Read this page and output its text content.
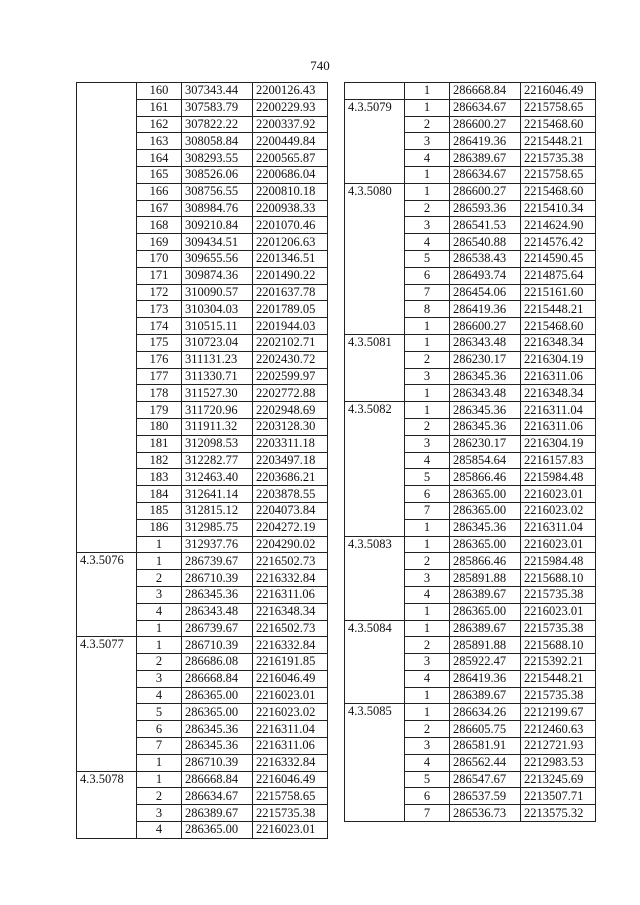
740
	160	307343.44	2200126.43
	161	307583.79	2200229.93
	162	307822.22	2200337.92
	163	308058.84	2200449.84
	164	308293.55	2200565.87
	165	308526.06	2200686.04
	166	308756.55	2200810.18
	167	308984.76	2200938.33
	168	309210.84	2201070.46
	169	309434.51	2201206.63
	170	309655.56	2201346.51
	171	309874.36	2201490.22
	172	310090.57	2201637.78
	173	310304.03	2201789.05
	174	310515.11	2201944.03
	175	310723.04	2202102.71
	176	311131.23	2202430.72
	177	311330.71	2202599.97
	178	311527.30	2202772.88
	179	311720.96	2202948.69
	180	311911.32	2203128.30
	181	312098.53	2203311.18
	182	312282.77	2203497.18
	183	312463.40	2203686.21
	184	312641.14	2203878.55
	185	312815.12	2204073.84
	186	312985.75	2204272.19
	1	312937.76	2204290.02
4.3.5076	1	286739.67	2216502.73
	2	286710.39	2216332.84
	3	286345.36	2216311.06
	4	286343.48	2216348.34
	1	286739.67	2216502.73
4.3.5077	1	286710.39	2216332.84
	2	286686.08	2216191.85
	3	286668.84	2216046.49
	4	286365.00	2216023.01
	5	286365.00	2216023.02
	6	286345.36	2216311.04
	7	286345.36	2216311.06
	1	286710.39	2216332.84
4.3.5078	1	286668.84	2216046.49
	2	286634.67	2215758.65
	3	286389.67	2215735.38
	4	286365.00	2216023.01
	1	286668.84	2216046.49
4.3.5079	1	286634.67	2215758.65
	2	286600.27	2215468.60
	3	286419.36	2215448.21
	4	286389.67	2215735.38
	1	286634.67	2215758.65
4.3.5080	1	286600.27	2215468.60
	2	286593.36	2215410.34
	3	286541.53	2214624.90
	4	286540.88	2214576.42
	5	286538.43	2214590.45
	6	286493.74	2214875.64
	7	286454.06	2215161.60
	8	286419.36	2215448.21
	1	286600.27	2215468.60
4.3.5081	1	286343.48	2216348.34
	2	286230.17	2216304.19
	3	286345.36	2216311.06
	1	286343.48	2216348.34
4.3.5082	1	286345.36	2216311.04
	2	286345.36	2216311.06
	3	286230.17	2216304.19
	4	285854.64	2216157.83
	5	285866.46	2215984.48
	6	286365.00	2216023.01
	7	286365.00	2216023.02
	1	286345.36	2216311.04
4.3.5083	1	286365.00	2216023.01
	2	285866.46	2215984.48
	3	285891.88	2215688.10
	4	286389.67	2215735.38
	1	286365.00	2216023.01
4.3.5084	1	286389.67	2215735.38
	2	285891.88	2215688.10
	3	285922.47	2215392.21
	4	286419.36	2215448.21
	1	286389.67	2215735.38
4.3.5085	1	286634.26	2212199.67
	2	286605.75	2212460.63
	3	286581.91	2212721.93
	4	286562.44	2212983.53
	5	286547.67	2213245.69
	6	286537.59	2213507.71
	7	286536.73	2213575.32
